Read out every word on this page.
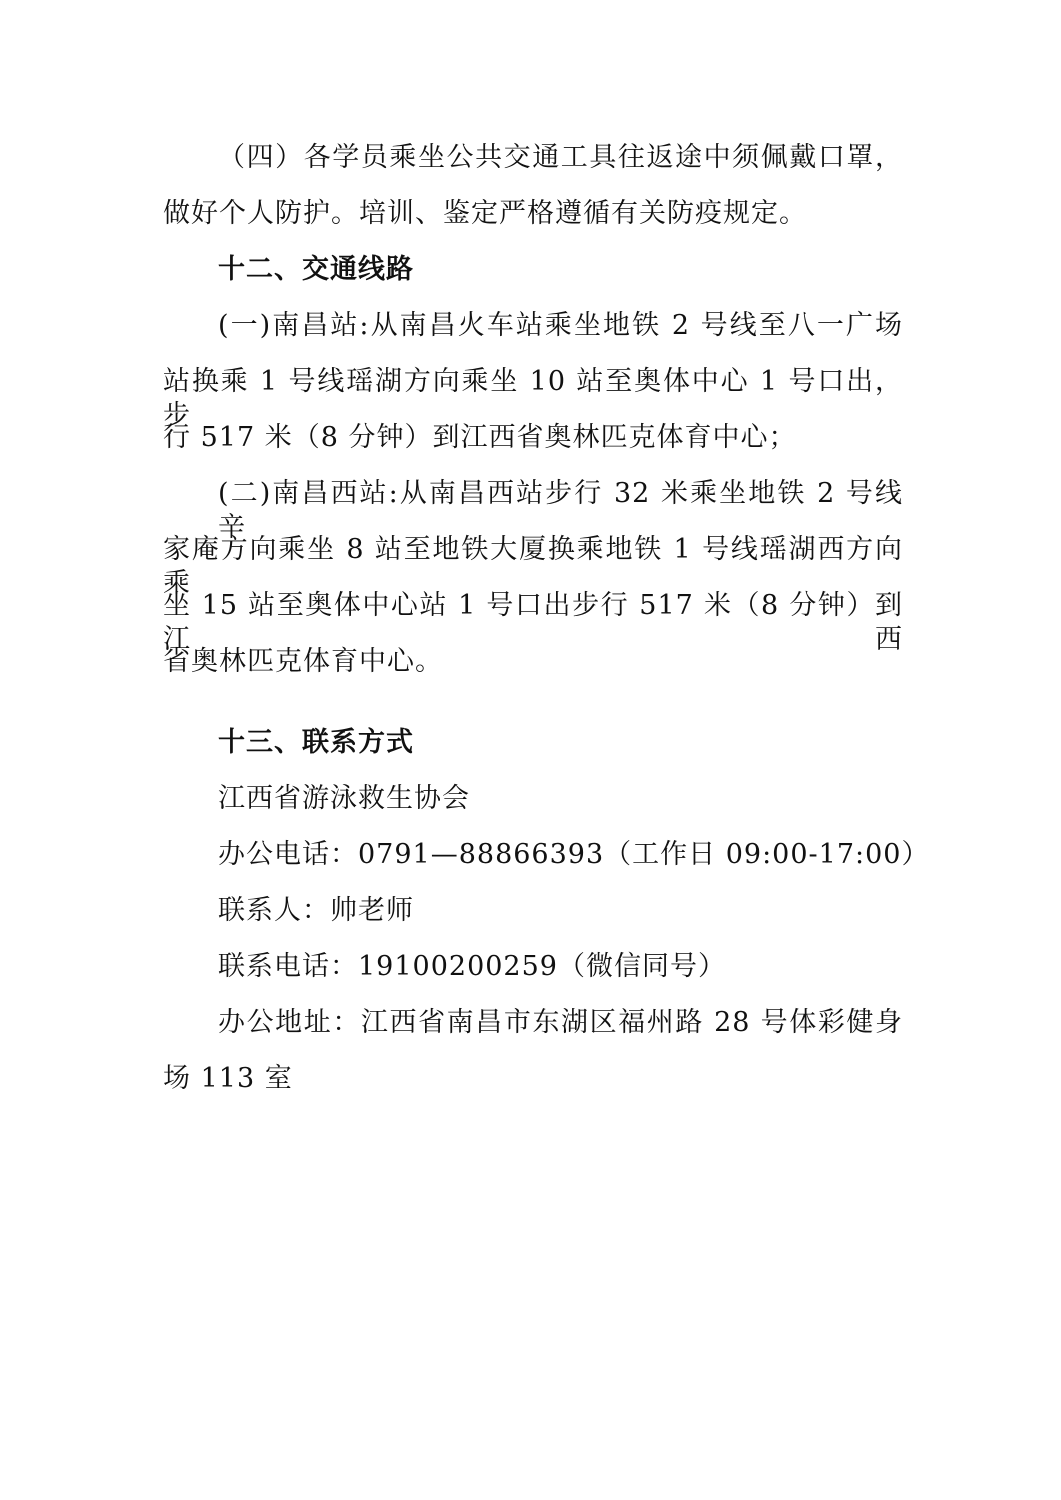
（四）各学员乘坐公共交通工具往返途中须佩戴口罩，
做好个人防护。培训、鉴定严格遵循有关防疫规定。
十二、交通线路
(一)南昌站:从南昌火车站乘坐地铁 2 号线至八一广场
站换乘 1 号线瑶湖方向乘坐 10 站至奥体中心 1 号口出，步
行 517 米（8 分钟）到江西省奥林匹克体育中心；
(二)南昌西站:从南昌西站步行 32 米乘坐地铁 2 号线辛
家庵方向乘坐 8 站至地铁大厦换乘地铁 1 号线瑶湖西方向乘
坐 15 站至奥体中心站 1 号口出步行 517 米（8 分钟）到江西
省奥林匹克体育中心。
十三、联系方式
江西省游泳救生协会
办公电话：0791—88866393（工作日 09:00-17:00）
联系人：帅老师
联系电话：19100200259（微信同号）
办公地址：江西省南昌市东湖区福州路 28 号体彩健身
场 113 室
